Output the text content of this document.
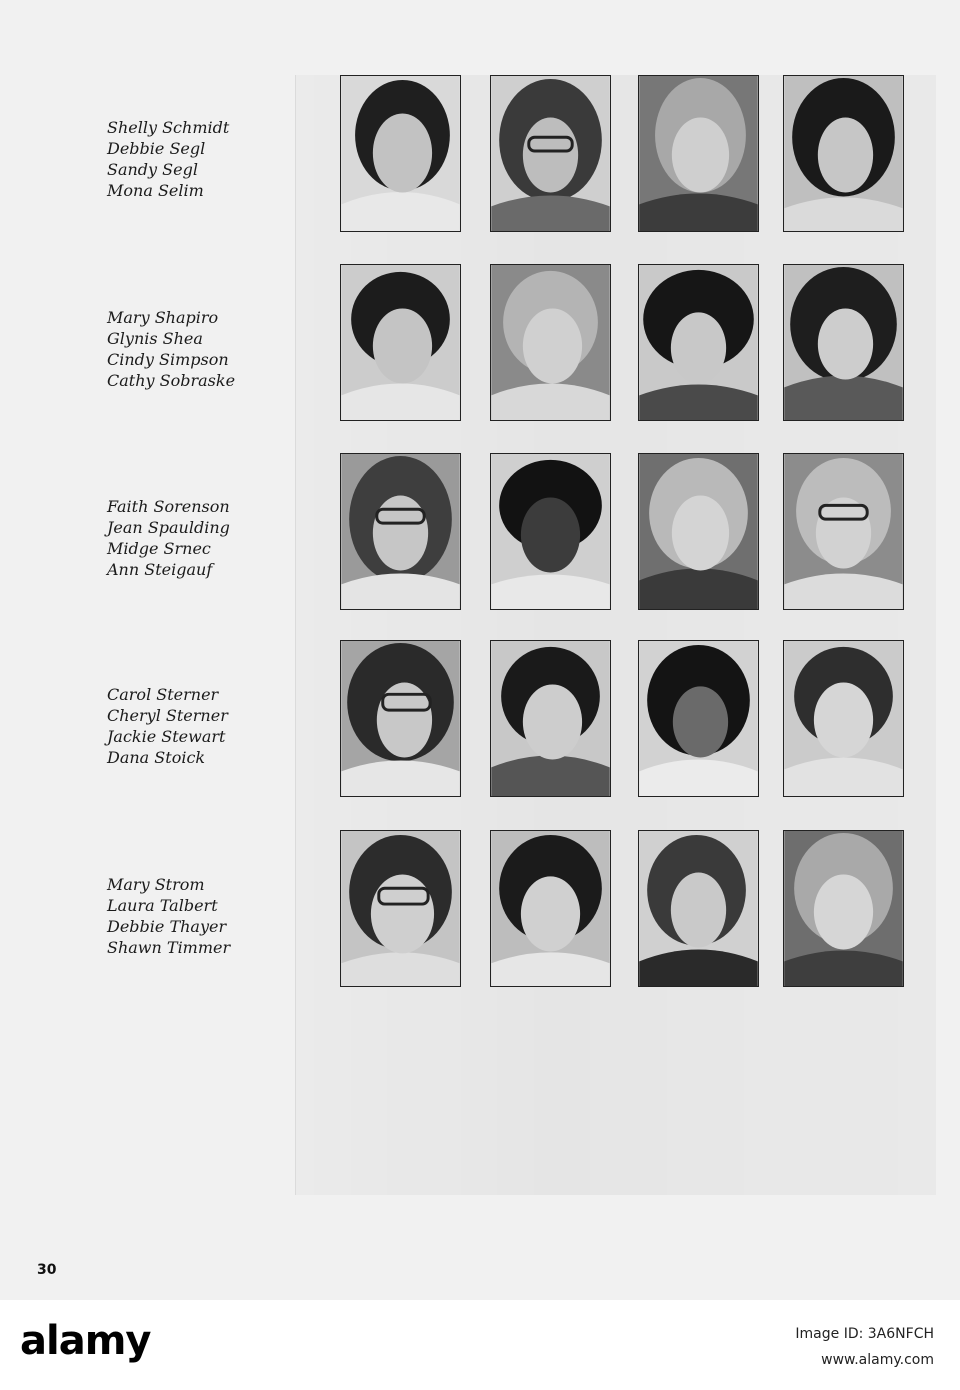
Shelly Schmidt
Debbie Segl
Sandy Segl
Mona Selim
Mary Shapiro
Glynis Shea
Cindy Simpson
Cathy Sobraske
Faith Sorenson
Jean Spaulding
Midge Srnec
Ann Steigauf
Carol Sterner
Cheryl Sterner
Jackie Stewart
Dana Stoick
Mary Strom
Laura Talbert
Debbie Thayer
Shawn Timmer
30
alamy	Image ID: 3A6NFCH
www.alamy.com
